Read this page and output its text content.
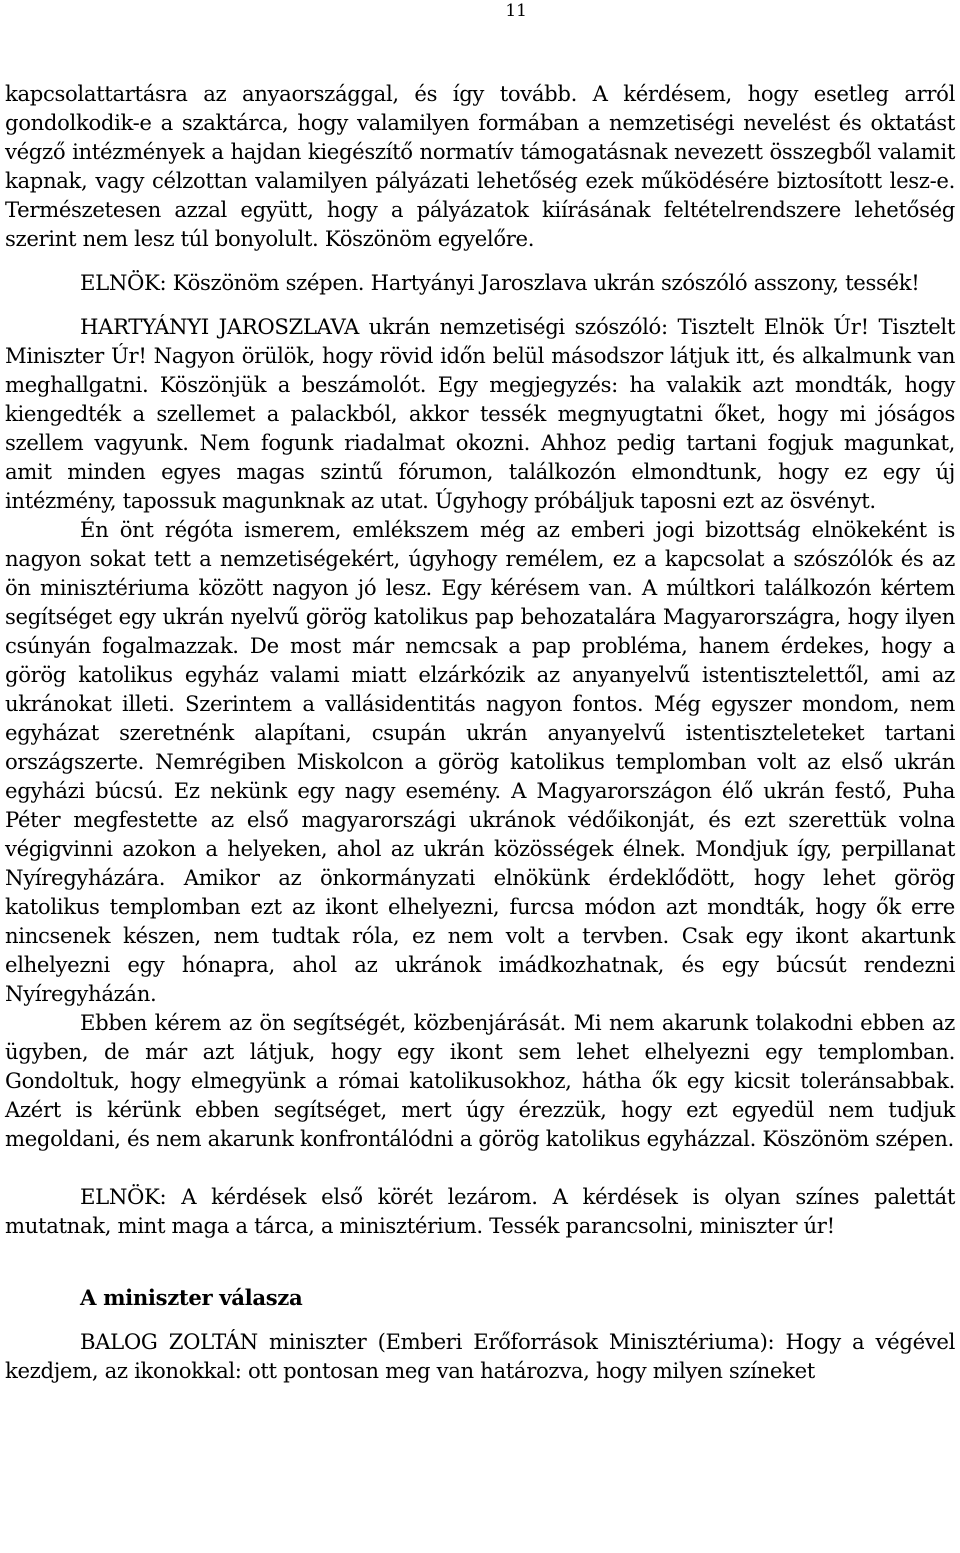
11

kapcsolattartásra az anyaországgal, és így tovább. A kérdésem, hogy esetleg arról gondolkodik-e a szaktárca, hogy valamilyen formában a nemzetiségi nevelést és oktatást végző intézmények a hajdan kiegészítő normatív támogatásnak nevezett összegből valamit kapnak, vagy célzottan valamilyen pályázati lehetőség ezek működésére biztosított lesz-e. Természetesen azzal együtt, hogy a pályázatok kiírásának feltételrendszere lehetőség szerint nem lesz túl bonyolult. Köszönöm egyelőre.

ELNÖK: Köszönöm szépen. Hartyányi Jaroszlava ukrán szószóló asszony, tessék!

HARTYÁNYI JAROSZLAVA ukrán nemzetiségi szószóló: Tisztelt Elnök Úr! Tisztelt Miniszter Úr! Nagyon örülök, hogy rövid időn belül másodszor látjuk itt, és alkalmunk van meghallgatni. Köszönjük a beszámolót. Egy megjegyzés: ha valakik azt mondták, hogy kiengedték a szellemet a palackból, akkor tessék megnyugtatni őket, hogy mi jóságos szellem vagyunk. Nem fogunk riadalmat okozni. Ahhoz pedig tartani fogjuk magunkat, amit minden egyes magas szintű fórumon, találkozón elmondtunk, hogy ez egy új intézmény, tapossuk magunknak az utat. Úgyhogy próbáljuk taposni ezt az ösvényt.

Én önt régóta ismerem, emlékszem még az emberi jogi bizottság elnökeként is nagyon sokat tett a nemzetiségekért, úgyhogy remélem, ez a kapcsolat a szószólók és az ön minisztériuma között nagyon jó lesz. Egy kérésem van. A múltkori találkozón kértem segítséget egy ukrán nyelvű görög katolikus pap behozatalára Magyarországra, hogy ilyen csúnyán fogalmazzak. De most már nemcsak a pap probléma, hanem érdekes, hogy a görög katolikus egyház valami miatt elzárkózik az anyanyelvű istentisztelettől, ami az ukránokat illeti. Szerintem a vallásidentitás nagyon fontos. Még egyszer mondom, nem egyházat szeretnénk alapítani, csupán ukrán anyanyelvű istentiszteleteket tartani országszerte. Nemrégiben Miskolcon a görög katolikus templomban volt az első ukrán egyházi búcsú. Ez nekünk egy nagy esemény. A Magyarországon élő ukrán festő, Puha Péter megfestette az első magyarországi ukránok védőikonját, és ezt szerettük volna végigvinni azokon a helyeken, ahol az ukrán közösségek élnek. Mondjuk így, perpillanat Nyíregyházára. Amikor az önkormányzati elnökünk érdeklődött, hogy lehet görög katolikus templomban ezt az ikont elhelyezni, furcsa módon azt mondták, hogy ők erre nincsenek készen, nem tudtak róla, ez nem volt a tervben. Csak egy ikont akartunk elhelyezni egy hónapra, ahol az ukránok imádkozhatnak, és egy búcsút rendezni Nyíregyházán.

Ebben kérem az ön segítségét, közbenjárását. Mi nem akarunk tolakodni ebben az ügyben, de már azt látjuk, hogy egy ikont sem lehet elhelyezni egy templomban. Gondoltuk, hogy elmegyünk a római katolikusokhoz, hátha ők egy kicsit toleránsabbak. Azért is kérünk ebben segítséget, mert úgy érezzük, hogy ezt egyedül nem tudjuk megoldani, és nem akarunk konfrontálódni a görög katolikus egyházzal. Köszönöm szépen.

ELNÖK: A kérdések első körét lezárom. A kérdések is olyan színes palettát mutatnak, mint maga a tárca, a minisztérium. Tessék parancsolni, miniszter úr!

A miniszter válasza

BALOG ZOLTÁN miniszter (Emberi Erőforrások Minisztériuma): Hogy a végével kezdjem, az ikonokkal: ott pontosan meg van határozva, hogy milyen színeket
